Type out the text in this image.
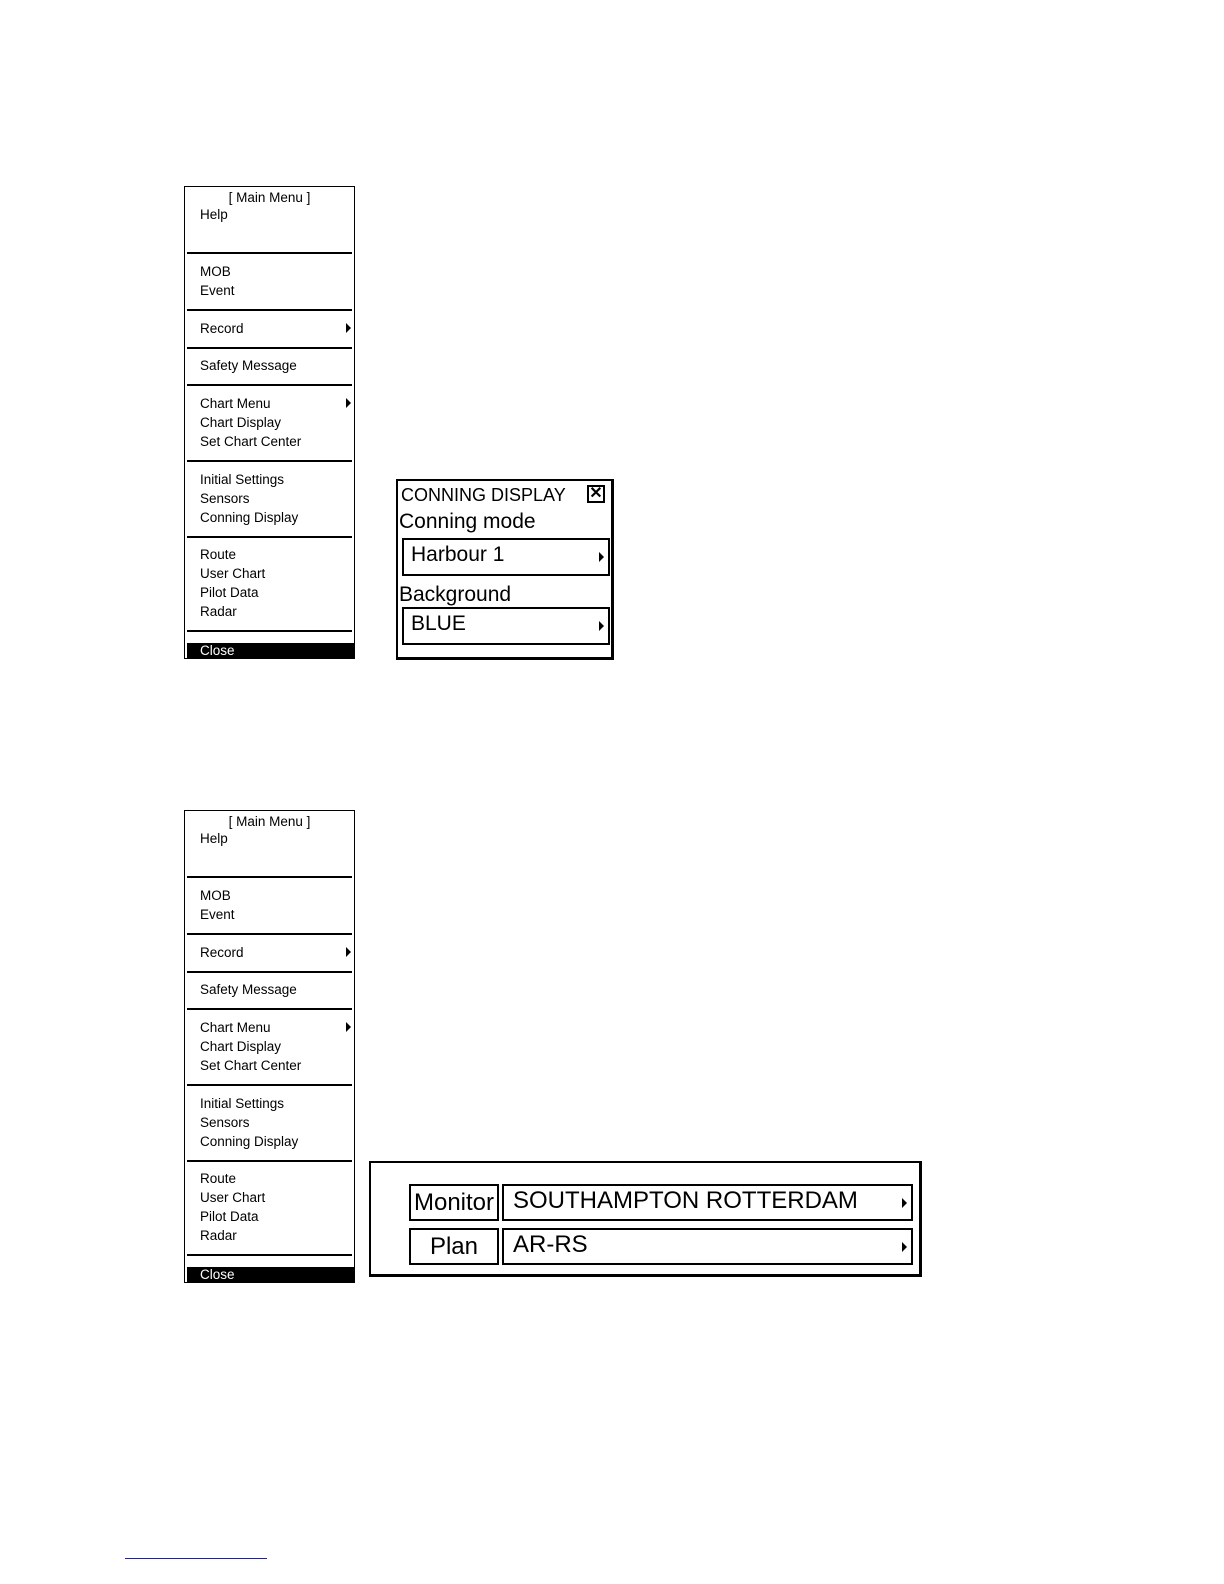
[ Main Menu ]
Help
MOB
Event
Record
Safety Message
Chart Menu
Chart Display
Set Chart Center
Initial Settings
Sensors
Conning Display
Route
User Chart
Pilot Data
Radar
Close
CONNING DISPLAY ✕
Conning mode
Harbour 1
Background
BLUE
[ Main Menu ]
Help
MOB
Event
Record
Safety Message
Chart Menu
Chart Display
Set Chart Center
Initial Settings
Sensors
Conning Display
Route
User Chart
Pilot Data
Radar
Close
Monitor SOUTHAMPTON ROTTERDAM
Plan	AR-RS
